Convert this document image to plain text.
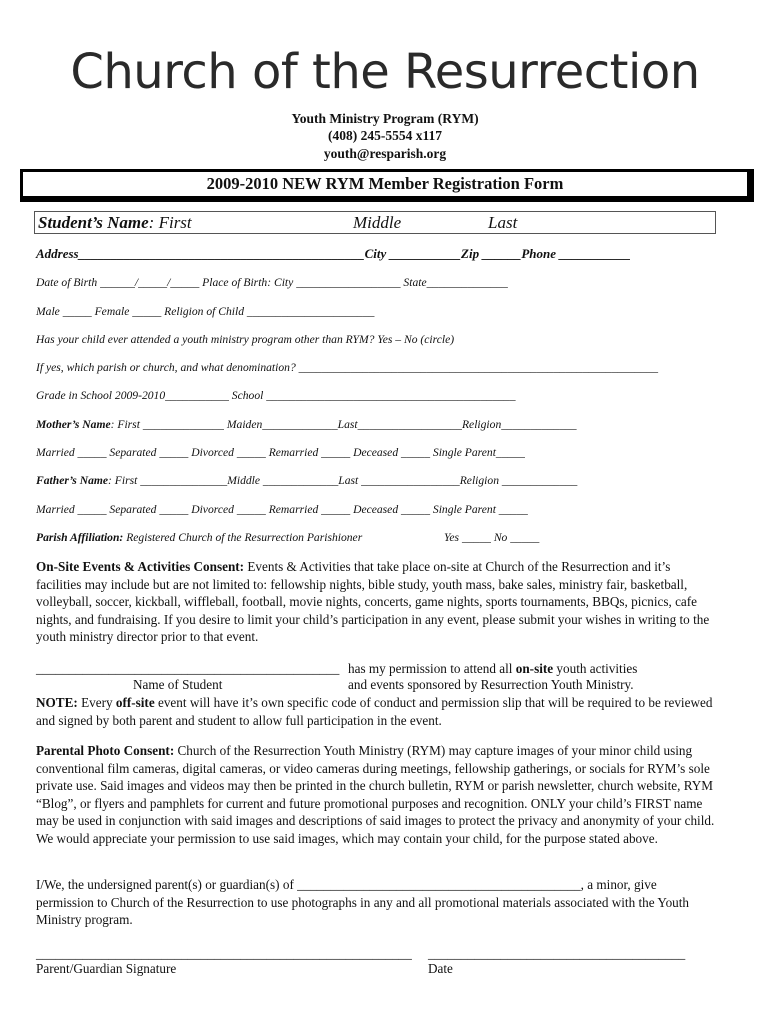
Church of the Resurrection
Youth Ministry Program (RYM)
(408) 245-5554 x117
youth@resparish.org
2009-2010 NEW RYM Member Registration Form
Student’s Name: First	Middle	Last
Address____________________________________________City ___________Zip ______Phone ___________
Date of Birth ______/_____/_____ Place of Birth: City __________________ State______________
Male _____ Female _____ Religion of Child ______________________
Has your child ever attended a youth ministry program other than RYM? Yes – No (circle)
If yes, which parish or church, and what denomination? ______________________________________________________________
Grade in School 2009-2010___________ School ___________________________________________
Mother’s Name: First ______________ Maiden_____________Last__________________Religion_____________
Married _____ Separated _____ Divorced _____ Remarried _____ Deceased _____ Single Parent_____
Father’s Name: First _______________Middle _____________Last _________________Religion _____________
Married _____ Separated _____ Divorced _____ Remarried _____ Deceased _____ Single Parent _____
Parish Affiliation: Registered Church of the Resurrection Parishioner	Yes _____ No _____
On-Site Events & Activities Consent: Events & Activities that take place on-site at Church of the Resurrection and it’s facilities may include but are not limited to: fellowship nights, bible study, youth mass, bake sales, ministry fair, basketball, volleyball, soccer, kickball, wiffleball, football, movie nights, concerts, game nights, sports tournaments, BBQs, picnics, cafe nights, and fundraising. If you desire to limit your child’s participation in any event, please submit your wishes in writing to the youth ministry director prior to that event.
______________________________________________
Name of Student
has my permission to attend all on-site youth activities
and events sponsored by Resurrection Youth Ministry.
NOTE: Every off-site event will have it’s own specific code of conduct and permission slip that will be required to be reviewed and signed by both parent and student to allow full participation in the event.
Parental Photo Consent: Church of the Resurrection Youth Ministry (RYM) may capture images of your minor child using conventional film cameras, digital cameras, or video cameras during meetings, fellowship gatherings, or socials for RYM’s sole private use. Said images and videos may then be printed in the church bulletin, RYM or parish newsletter, church website, RYM “Blog”, or flyers and pamphlets for current and future promotional purposes and recognition. ONLY your child’s FIRST name may be used in conjunction with said images and descriptions of said images to protect the privacy and anonymity of your child. We would appreciate your permission to use said images, which may contain your child, for the purpose stated above.
I/We, the undersigned parent(s) or guardian(s) of ___________________________________________, a minor, give permission to Church of the Resurrection to use photographs in any and all promotional materials associated with the Youth Ministry program.
_________________________________________________________
Parent/Guardian Signature
_______________________________________
Date
